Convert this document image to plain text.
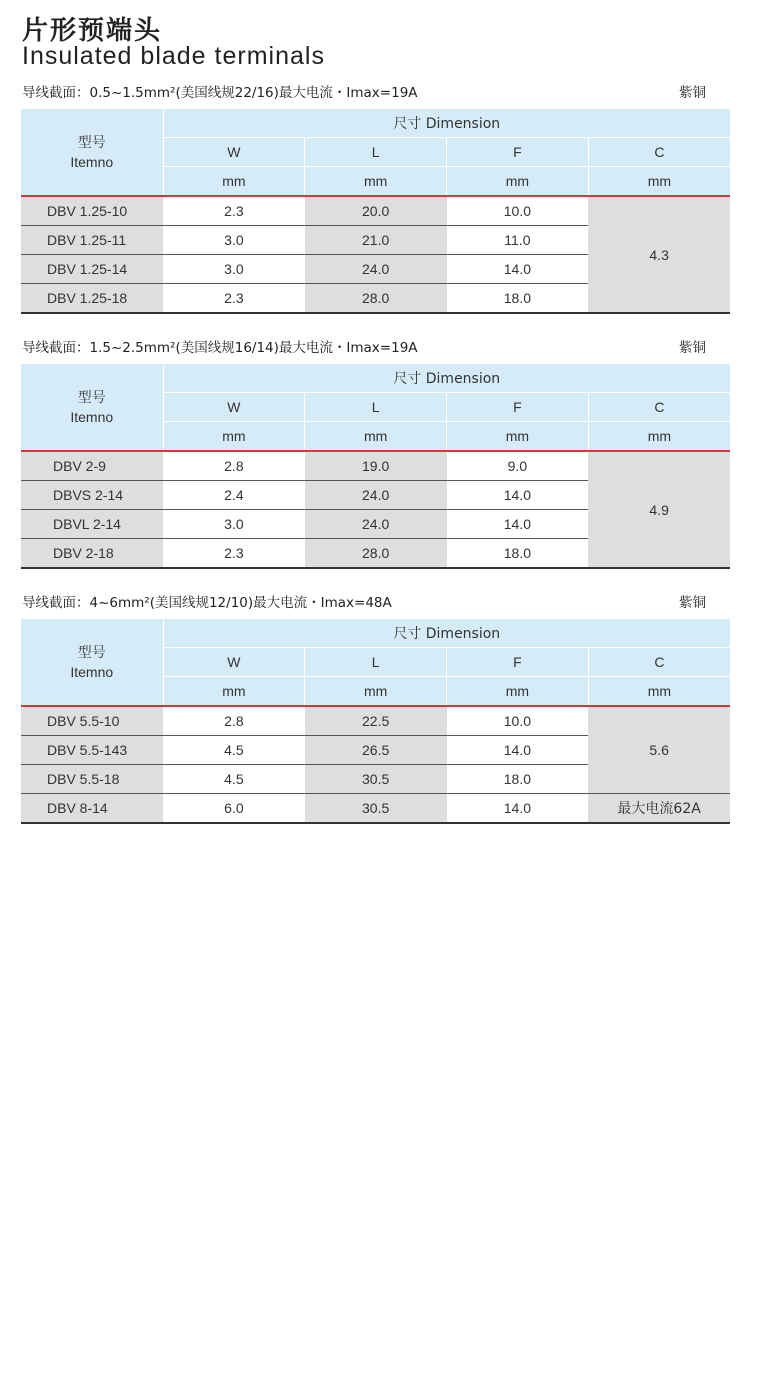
片形预端头
Insulated blade terminals
导线截面：0.5~1.5mm²(美国线规22/16)最大电流・Imax=19A	紫铜
型号
Itemno	尺寸 Dimension			
	W	L	F	C
	mm	mm	mm	mm
DBV 1.25-10	2.3	20.0	10.0	4.3
DBV 1.25-11	3.0	21.0	11.0	
DBV 1.25-14	3.0	24.0	14.0	
DBV 1.25-18	2.3	28.0	18.0	
导线截面：1.5~2.5mm²(美国线规16/14)最大电流・Imax=19A	紫铜
型号
Itemno	尺寸 Dimension			
	W	L	F	C
	mm	mm	mm	mm
DBV 2-9	2.8	19.0	9.0	4.9
DBVS 2-14	2.4	24.0	14.0	
DBVL 2-14	3.0	24.0	14.0	
DBV 2-18	2.3	28.0	18.0	
导线截面：4~6mm²(美国线规12/10)最大电流・Imax=48A	紫铜
型号
Itemno	尺寸 Dimension			
	W	L	F	C
	mm	mm	mm	mm
DBV 5.5-10	2.8	22.5	10.0	5.6
DBV 5.5-143	4.5	26.5	14.0	
DBV 5.5-18	4.5	30.5	18.0	
DBV 8-14	6.0	30.5	14.0	最大电流62A
